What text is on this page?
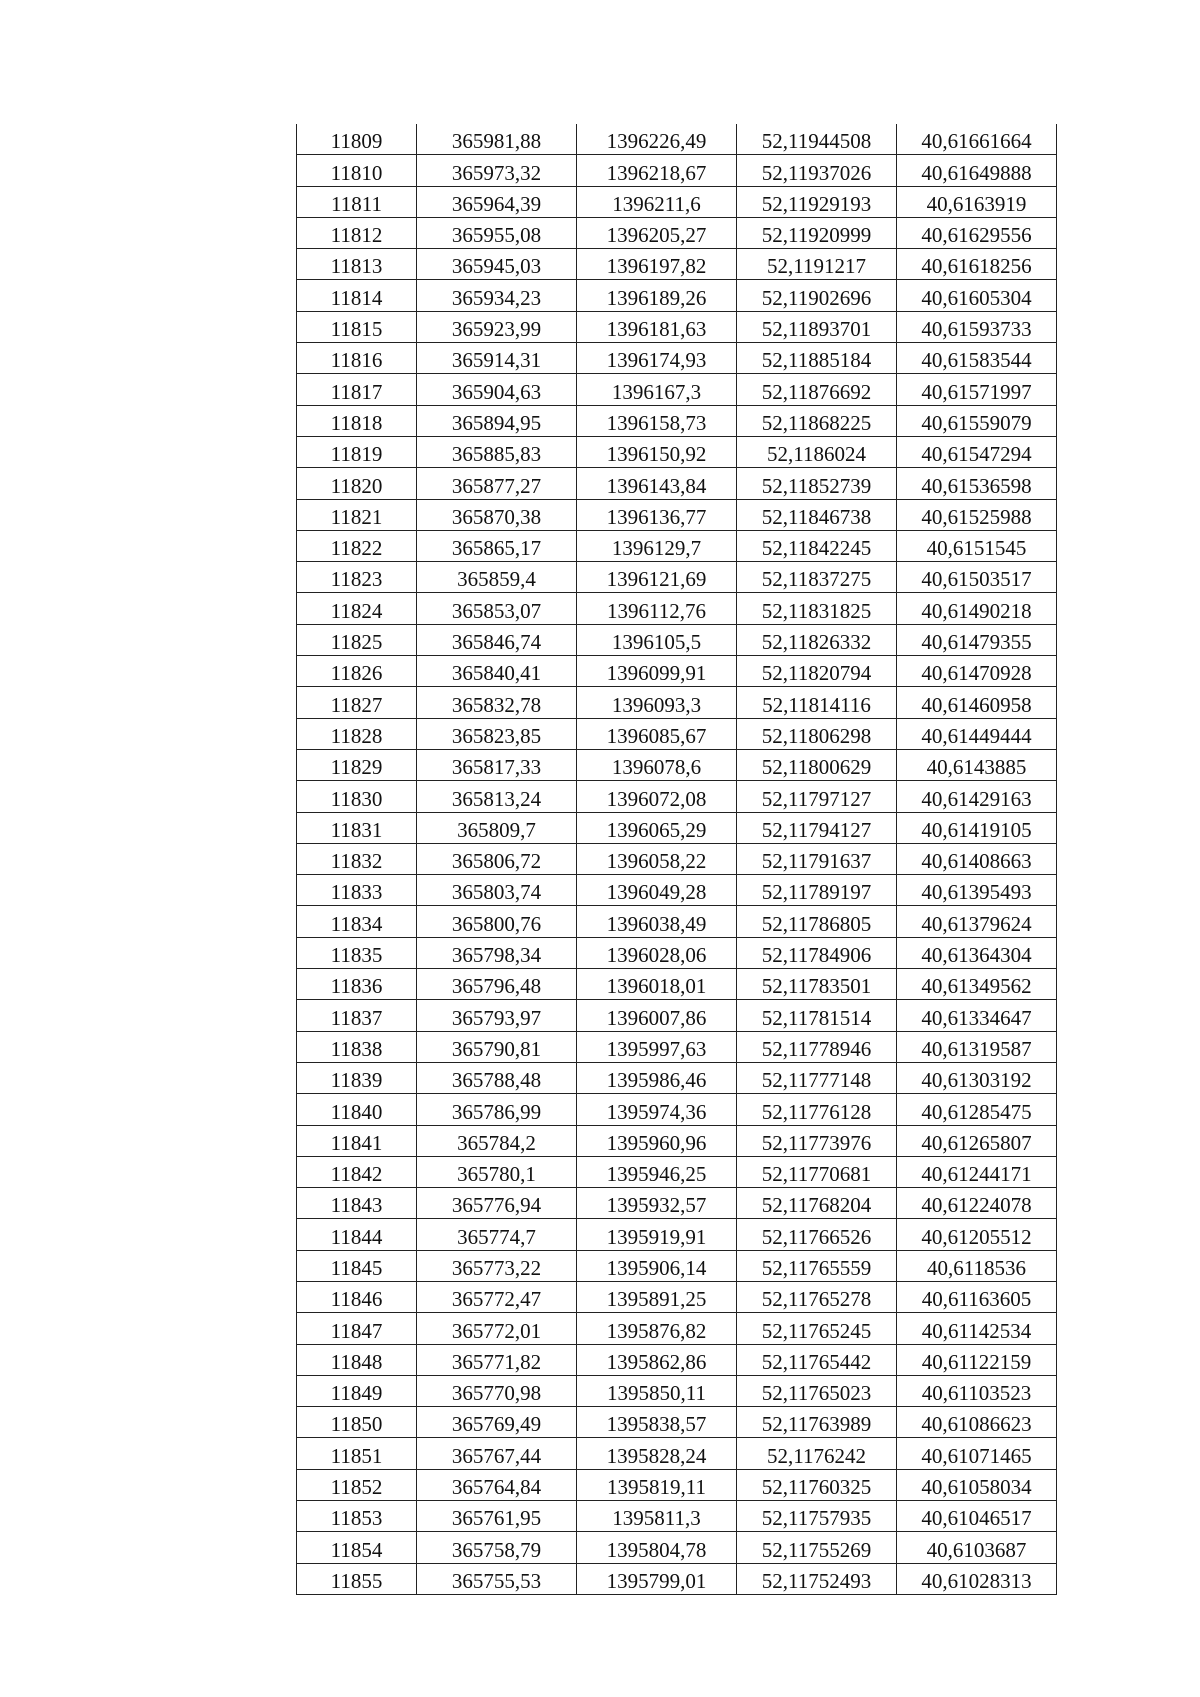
11809	365981,88	1396226,49	52,11944508	40,61661664
11810	365973,32	1396218,67	52,11937026	40,61649888
11811	365964,39	1396211,6	52,11929193	40,6163919
11812	365955,08	1396205,27	52,11920999	40,61629556
11813	365945,03	1396197,82	52,1191217	40,61618256
11814	365934,23	1396189,26	52,11902696	40,61605304
11815	365923,99	1396181,63	52,11893701	40,61593733
11816	365914,31	1396174,93	52,11885184	40,61583544
11817	365904,63	1396167,3	52,11876692	40,61571997
11818	365894,95	1396158,73	52,11868225	40,61559079
11819	365885,83	1396150,92	52,1186024	40,61547294
11820	365877,27	1396143,84	52,11852739	40,61536598
11821	365870,38	1396136,77	52,11846738	40,61525988
11822	365865,17	1396129,7	52,11842245	40,6151545
11823	365859,4	1396121,69	52,11837275	40,61503517
11824	365853,07	1396112,76	52,11831825	40,61490218
11825	365846,74	1396105,5	52,11826332	40,61479355
11826	365840,41	1396099,91	52,11820794	40,61470928
11827	365832,78	1396093,3	52,11814116	40,61460958
11828	365823,85	1396085,67	52,11806298	40,61449444
11829	365817,33	1396078,6	52,11800629	40,6143885
11830	365813,24	1396072,08	52,11797127	40,61429163
11831	365809,7	1396065,29	52,11794127	40,61419105
11832	365806,72	1396058,22	52,11791637	40,61408663
11833	365803,74	1396049,28	52,11789197	40,61395493
11834	365800,76	1396038,49	52,11786805	40,61379624
11835	365798,34	1396028,06	52,11784906	40,61364304
11836	365796,48	1396018,01	52,11783501	40,61349562
11837	365793,97	1396007,86	52,11781514	40,61334647
11838	365790,81	1395997,63	52,11778946	40,61319587
11839	365788,48	1395986,46	52,11777148	40,61303192
11840	365786,99	1395974,36	52,11776128	40,61285475
11841	365784,2	1395960,96	52,11773976	40,61265807
11842	365780,1	1395946,25	52,11770681	40,61244171
11843	365776,94	1395932,57	52,11768204	40,61224078
11844	365774,7	1395919,91	52,11766526	40,61205512
11845	365773,22	1395906,14	52,11765559	40,6118536
11846	365772,47	1395891,25	52,11765278	40,61163605
11847	365772,01	1395876,82	52,11765245	40,61142534
11848	365771,82	1395862,86	52,11765442	40,61122159
11849	365770,98	1395850,11	52,11765023	40,61103523
11850	365769,49	1395838,57	52,11763989	40,61086623
11851	365767,44	1395828,24	52,1176242	40,61071465
11852	365764,84	1395819,11	52,11760325	40,61058034
11853	365761,95	1395811,3	52,11757935	40,61046517
11854	365758,79	1395804,78	52,11755269	40,6103687
11855	365755,53	1395799,01	52,11752493	40,61028313
